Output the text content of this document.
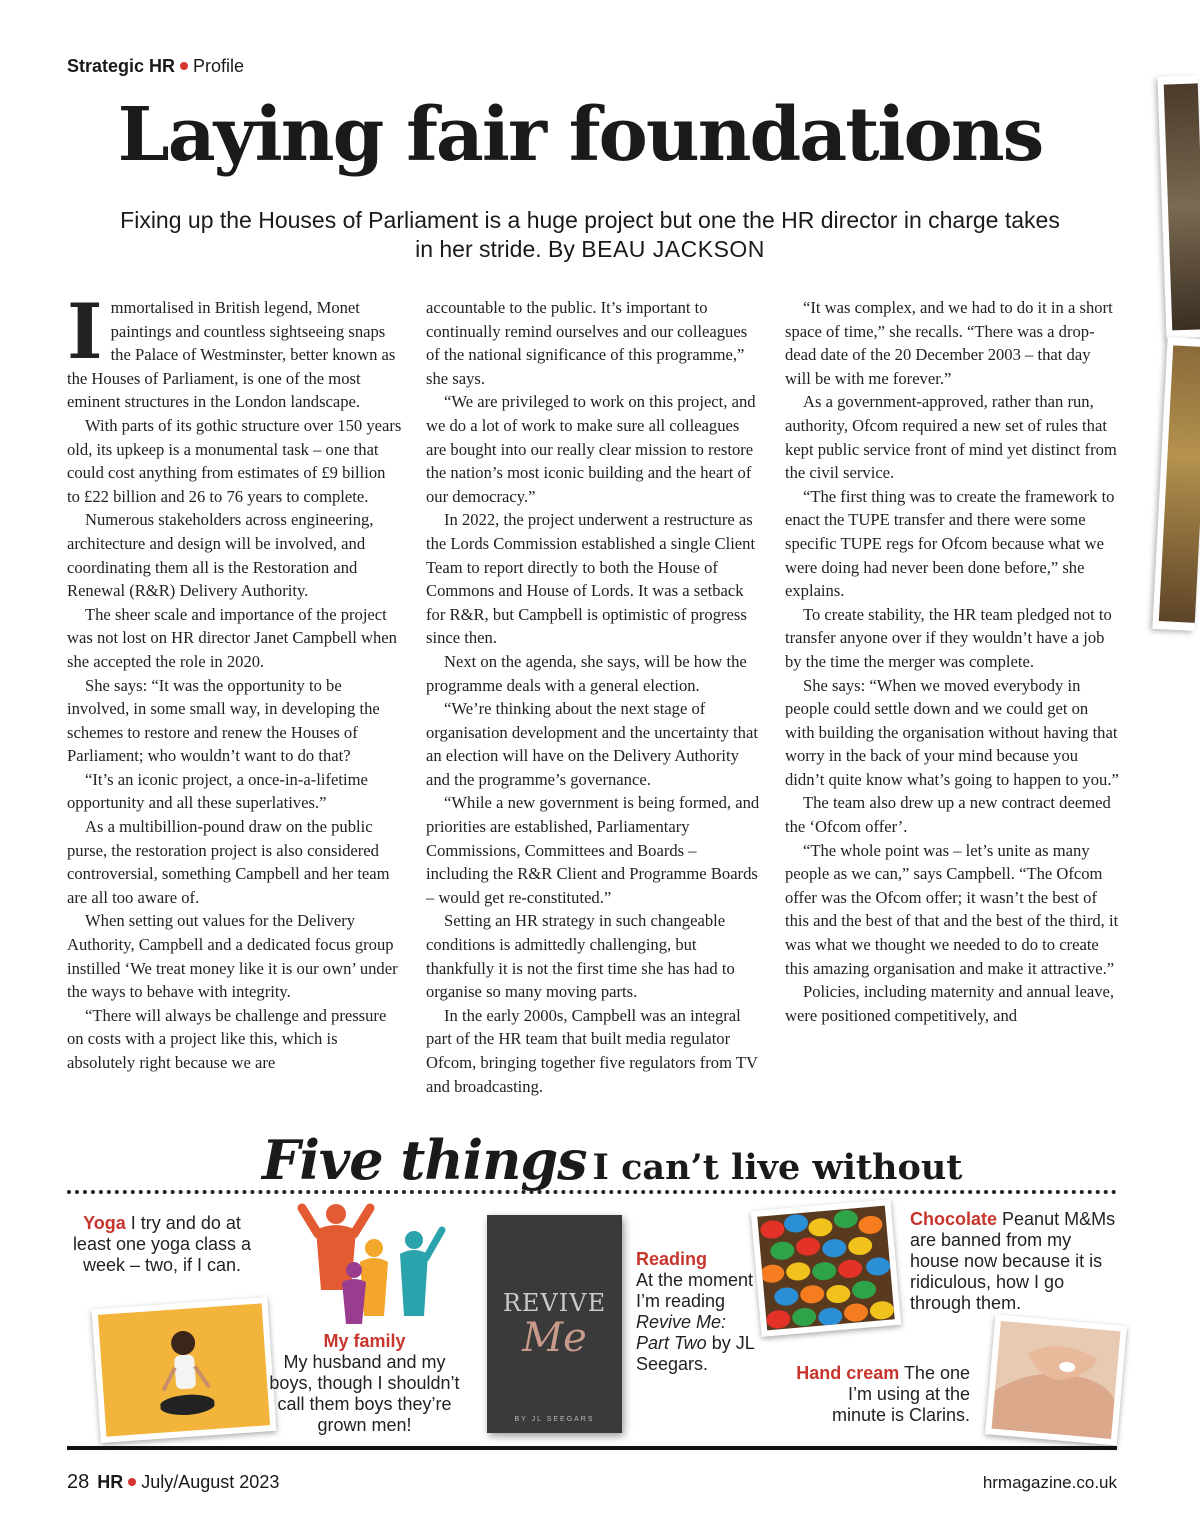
Strategic HR Profile
Laying fair foundations
Fixing up the Houses of Parliament is a huge project but one the HR director in charge takes in her stride. By BEAU JACKSON
I mmortalised in British legend, Monet paintings and countless sightseeing snaps the Palace of Westminster, better known as the Houses of Parliament, is one of the most eminent structures in the London landscape.

With parts of its gothic structure over 150 years old, its upkeep is a monumental task – one that could cost anything from estimates of £9 billion to £22 billion and 26 to 76 years to complete.

Numerous stakeholders across engineering, architecture and design will be involved, and coordinating them all is the Restoration and Renewal (R&R) Delivery Authority.

The sheer scale and importance of the project was not lost on HR director Janet Campbell when she accepted the role in 2020.

She says: “It was the opportunity to be involved, in some small way, in developing the schemes to restore and renew the Houses of Parliament; who wouldn’t want to do that?

“It’s an iconic project, a once-in-a-lifetime opportunity and all these superlatives.”

As a multibillion-pound draw on the public purse, the restoration project is also considered controversial, something Campbell and her team are all too aware of.

When setting out values for the Delivery Authority, Campbell and a dedicated focus group instilled ‘We treat money like it is our own’ under the ways to behave with integrity.

“There will always be challenge and pressure on costs with a project like this, which is absolutely right because we are

accountable to the public. It’s important to continually remind ourselves and our colleagues of the national significance of this programme,” she says.

“We are privileged to work on this project, and we do a lot of work to make sure all colleagues are bought into our really clear mission to restore the nation’s most iconic building and the heart of our democracy.”

In 2022, the project underwent a restructure as the Lords Commission established a single Client Team to report directly to both the House of Commons and House of Lords. It was a setback for R&R, but Campbell is optimistic of progress since then.

Next on the agenda, she says, will be how the programme deals with a general election.

“We’re thinking about the next stage of organisation development and the uncertainty that an election will have on the Delivery Authority and the programme’s governance.

“While a new government is being formed, and priorities are established, Parliamentary Commissions, Committees and Boards – including the R&R Client and Programme Boards – would get re-constituted.”

Setting an HR strategy in such changeable conditions is admittedly challenging, but thankfully it is not the first time she has had to organise so many moving parts.

In the early 2000s, Campbell was an integral part of the HR team that built media regulator Ofcom, bringing together five regulators from TV and broadcasting.

“It was complex, and we had to do it in a short space of time,” she recalls. “There was a drop-dead date of the 20 December 2003 – that day will be with me forever.”

As a government-approved, rather than run, authority, Ofcom required a new set of rules that kept public service front of mind yet distinct from the civil service.

“The first thing was to create the framework to enact the TUPE transfer and there were some specific TUPE regs for Ofcom because what we were doing had never been done before,” she explains.

To create stability, the HR team pledged not to transfer anyone over if they wouldn’t have a job by the time the merger was complete.

She says: “When we moved everybody in people could settle down and we could get on with building the organisation without having that worry in the back of your mind because you didn’t quite know what’s going to happen to you.”

The team also drew up a new contract deemed the ‘Ofcom offer’.

“The whole point was – let’s unite as many people as we can,” says Campbell. “The Ofcom offer was the Ofcom offer; it wasn’t the best of this and the best of that and the best of the third, it was what we thought we needed to do to create this amazing organisation and make it attractive.”

Policies, including maternity and annual leave, were positioned competitively, and

Five things I can’t live without
Yoga I try and do at least one yoga class a week – two, if I can.
My family
My husband and my boys, though I shouldn’t call them boys they’re grown men!
REVIVE
Me
BY JL SEEGARS
Reading
At the moment I’m reading Revive Me: Part Two by JL Seegars.
Chocolate Peanut M&Ms are banned from my house now because it is ridiculous, how I go through them.
Hand cream The one I’m using at the minute is Clarins.
28 HR July/August 2023	hrmagazine.co.uk
